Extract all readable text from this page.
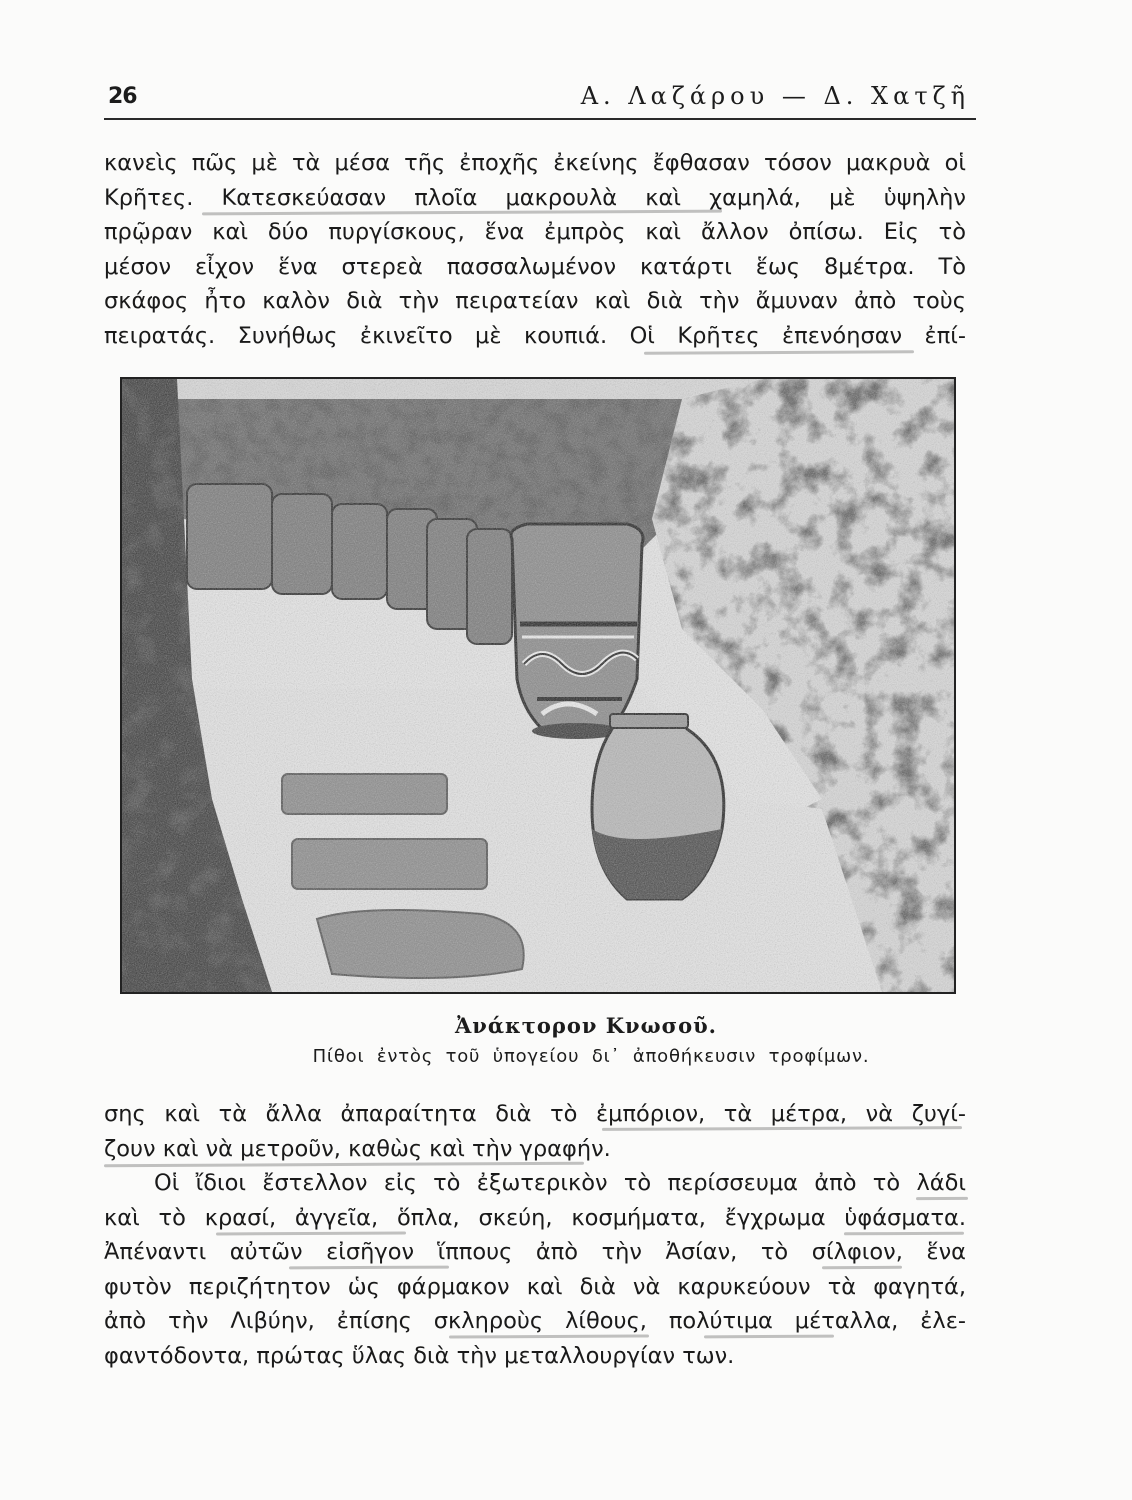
26	Α. Λαζάρου — Δ. Χατζῆ
κανεὶς πῶς μὲ τὰ μέσα τῆς ἐποχῆς ἐκείνης ἔφθασαν τόσον μακρυὰ οἱ
Κρῆτες. Κατεσκεύασαν πλοῖα μακρουλὰ καὶ χαμηλά, μὲ ὑψηλὴν
πρῷραν καὶ δύο πυργίσκους, ἕνα ἐμπρὸς καὶ ἄλλον ὀπίσω. Εἰς τὸ
μέσον εἶχον ἕνα στερεὰ πασσαλωμένον κατάρτι ἕως 8μέτρα. Τὸ
σκάφος ἦτο καλὸν διὰ τὴν πειρατείαν καὶ διὰ τὴν ἄμυναν ἀπὸ τοὺς
πειρατάς. Συνήθως ἐκινεῖτο μὲ κουπιά. Οἱ Κρῆτες ἐπενόησαν ἐπί-
Ἀνάκτορον Κνωσοῦ.
Πίθοι ἐντὸς τοῦ ὑπογείου δι᾽ ἀποθήκευσιν τροφίμων.
σης καὶ τὰ ἄλλα ἀπαραίτητα διὰ τὸ ἐμπόριον, τὰ μέτρα, νὰ ζυγί-
ζουν καὶ νὰ μετροῦν, καθὼς καὶ τὴν γραφήν.
Οἱ ἴδιοι ἔστελλον εἰς τὸ ἐξωτερικὸν τὸ περίσσευμα ἀπὸ τὸ λάδι
καὶ τὸ κρασί, ἀγγεῖα, ὅπλα, σκεύη, κοσμήματα, ἔγχρωμα ὑφάσματα.
Ἀπέναντι αὐτῶν εἰσῆγον ἵππους ἀπὸ τὴν Ἀσίαν, τὸ σίλφιον, ἕνα
φυτὸν περιζήτητον ὡς φάρμακον καὶ διὰ νὰ καρυκεύουν τὰ φαγητά,
ἀπὸ τὴν Λιβύην, ἐπίσης σκληροὺς λίθους, πολύτιμα μέταλλα, ἐλε-
φαντόδοντα, πρώτας ὕλας διὰ τὴν μεταλλουργίαν των.
